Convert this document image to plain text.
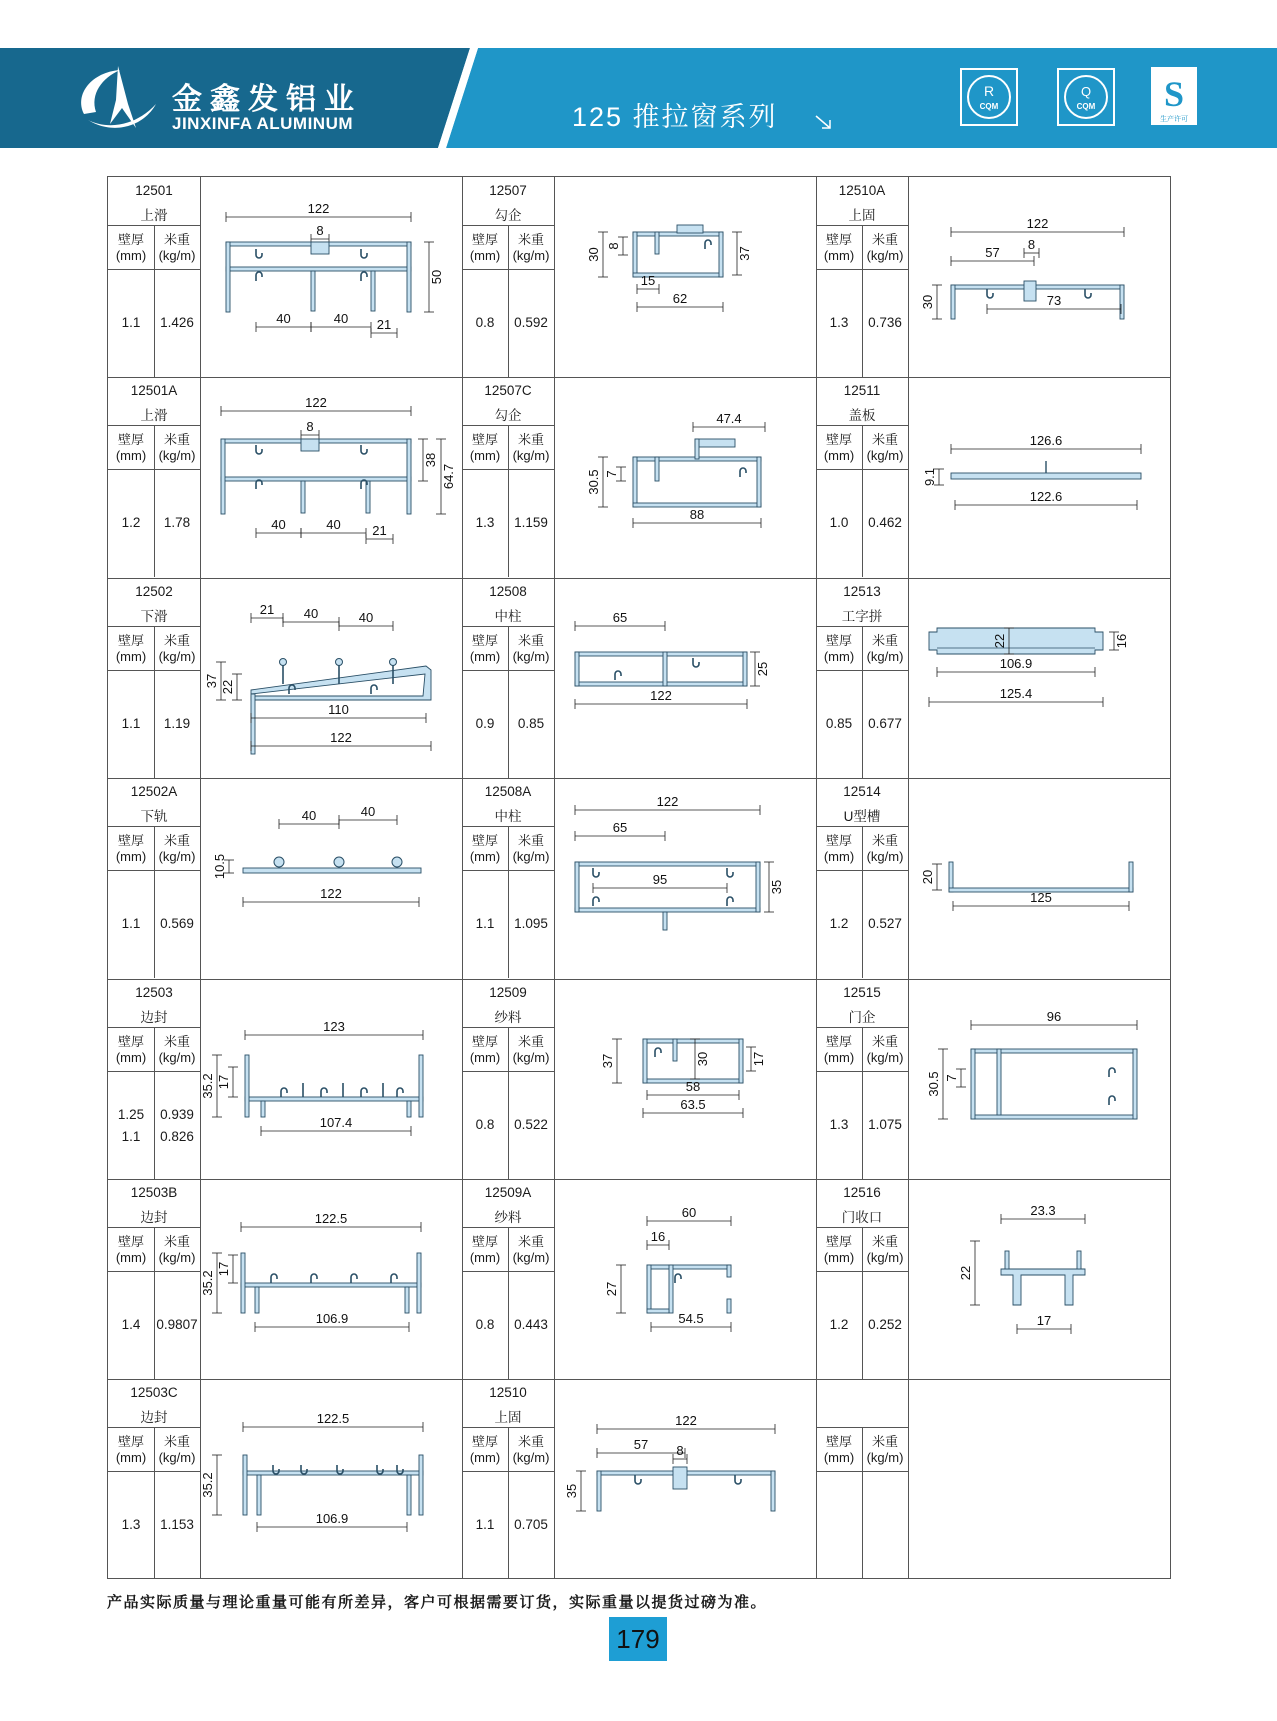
金鑫发铝业
JINXINFA ALUMINUM	125 推拉窗系列
R
CQM
Q
CQM	S
生产许可
12501
上滑
壁厚
(mm)
米重
(kg/m)
1.1	1.426
122
8
50
40	40 21
12507
勾企
壁厚
(mm)
米重
(kg/m)
0.8	0.592
30
8
37
15
62
12510A
上固
壁厚
(mm)
米重
(kg/m)
1.3	0.736
122
57
8
30	73
12501A
上滑
壁厚
(mm)
米重
(kg/m)
1.2	1.78
122
8
38
64.7
40	40 21
12507C
勾企
壁厚
(mm)
米重
(kg/m)
1.3	1.159
47.4
30.5 7
88
12511
盖板
壁厚
(mm)
米重
(kg/m)
1.0	0.462
126.6
9.1
122.6
12502
下滑
壁厚
(mm)
米重
(kg/m)
1.1	1.19
21 40	40
37 22
110
122
12508
中柱
壁厚
(mm)
米重
(kg/m)
0.9	0.85
65
25
122
12513
工字拼
壁厚
(mm)
米重
(kg/m)
0.85	0.677
22	16
106.9
125.4
12502A
下轨
壁厚
(mm)
米重
(kg/m)
1.1	0.569
40	40
10.5
122
12508A
中柱
壁厚
(mm)
米重
(kg/m)
1.1	1.095
122
65
95	35
12514
U型槽
壁厚
(mm)
米重
(kg/m)
1.2	0.527
20
125
12503
边封
壁厚
(mm)
米重
(kg/m)
1.25	0.939
1.1	0.826
123
35.2 17
107.4
12509
纱料
壁厚
(mm)
米重
(kg/m)
0.8	0.522
37	30	17
58
63.5
12515
门企
壁厚
(mm)
米重
(kg/m)
1.3	1.075
96
30.5 7
12503B
边封
壁厚
(mm)
米重
(kg/m)
1.4	0.9807
122.5
35.2
17
106.9
12509A
纱料
壁厚
(mm)
米重
(kg/m)
0.8	0.443
60
16
27
54.5
12516
门收口
壁厚
(mm)
米重
(kg/m)
1.2	0.252
23.3
22
17
12503C
边封
壁厚
(mm)
米重
(kg/m)
1.3	1.153
122.5
35.2
106.9
12510
上固
壁厚
(mm)
米重
(kg/m)
1.1	0.705
122
57 8
35
壁厚
(mm)
米重
(kg/m)
产品实际质量与理论重量可能有所差异，客户可根据需要订货，实际重量以提货过磅为准。
179
